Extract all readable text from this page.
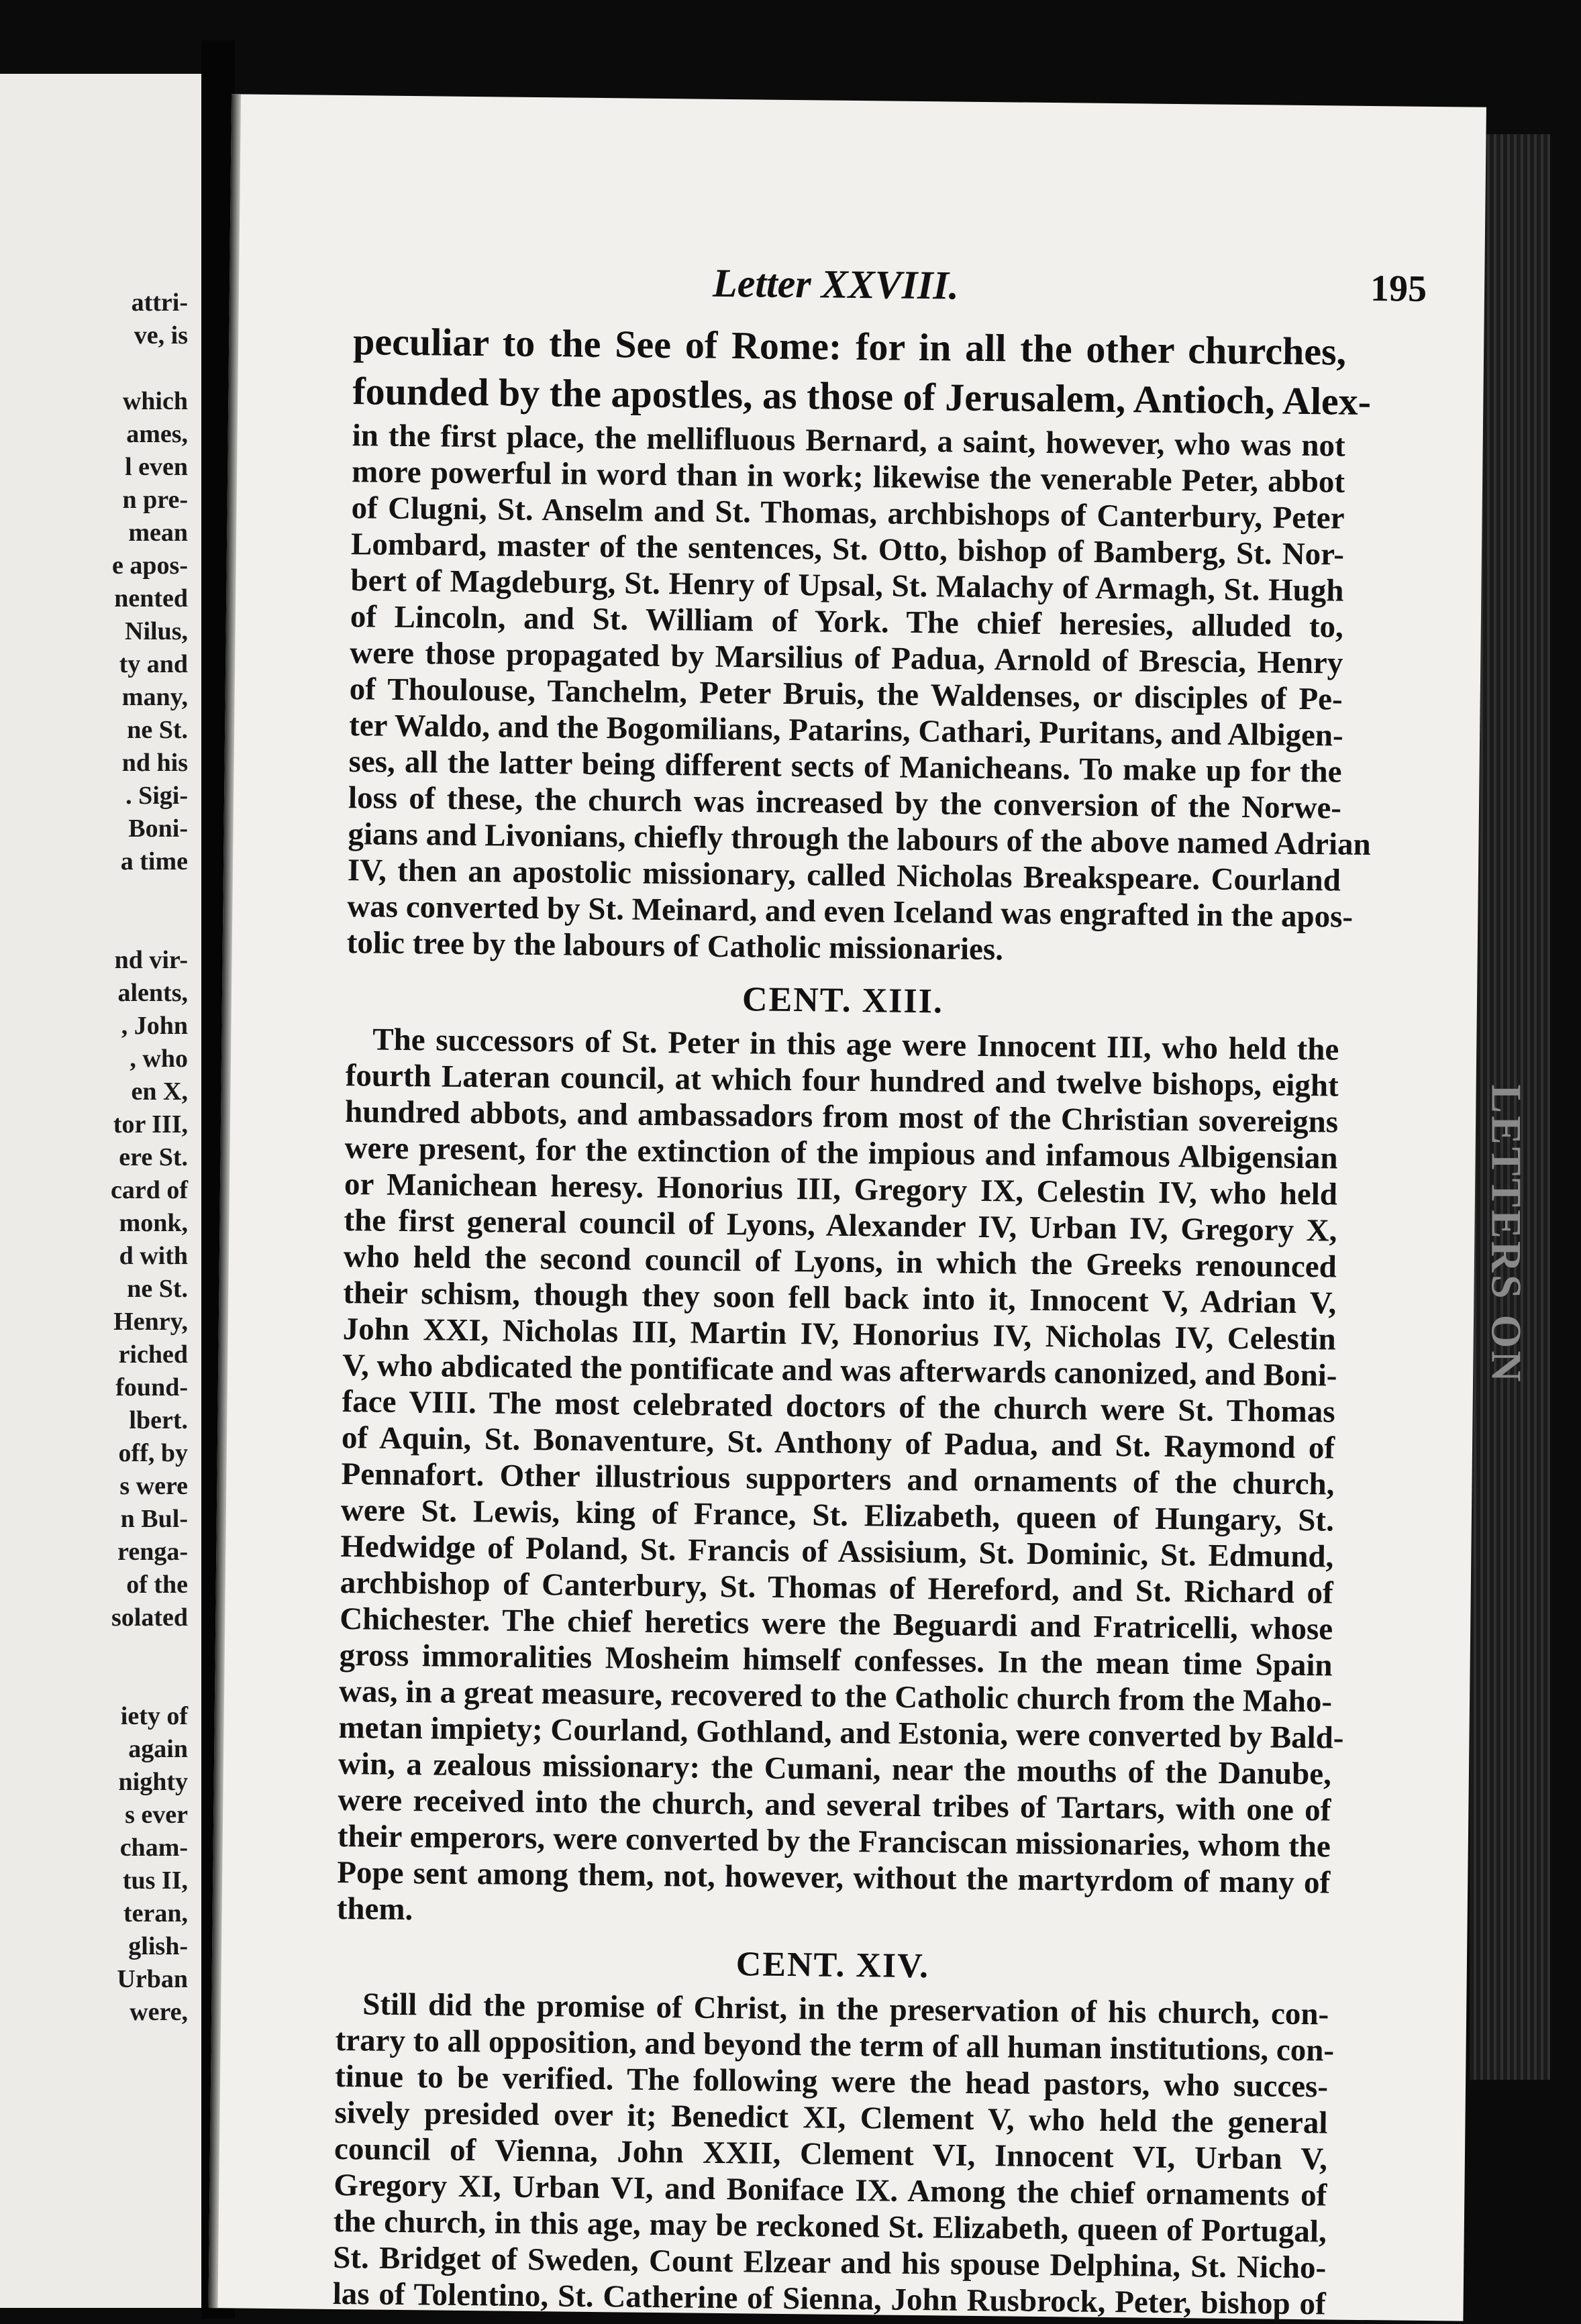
attri-
ve, is
which
ames,
l even
n pre-
mean
e apos-
nented
Nilus,
ty and
many,
ne St.
nd his
. Sigi-
Boni-
a time
nd vir-
alents,
, John
, who
en X,
tor III,
ere St.
card of
monk,
d with
ne St.
Henry,
riched
found-
lbert.
off, by
s were
n Bul-
renga-
of the
solated
iety of
again
nighty
s ever
cham-
tus II,
teran,
glish-
Urban
were,
LETTERS ON
Letter XXVIII.	195
peculiar to the See of Rome: for in all the other churches,
founded by the apostles, as those of Jerusalem, Antioch, Alex-
in the first place, the mellifluous Bernard, a saint, however, who was not
more powerful in word than in work; likewise the venerable Peter, abbot
of Clugni, St. Anselm and St. Thomas, archbishops of Canterbury, Peter
Lombard, master of the sentences, St. Otto, bishop of Bamberg, St. Nor-
bert of Magdeburg, St. Henry of Upsal, St. Malachy of Armagh, St. Hugh
of Lincoln, and St. William of York. The chief heresies, alluded to,
were those propagated by Marsilius of Padua, Arnold of Brescia, Henry
of Thoulouse, Tanchelm, Peter Bruis, the Waldenses, or disciples of Pe-
ter Waldo, and the Bogomilians, Patarins, Cathari, Puritans, and Albigen-
ses, all the latter being different sects of Manicheans. To make up for the
loss of these, the church was increased by the conversion of the Norwe-
gians and Livonians, chiefly through the labours of the above named Adrian
IV, then an apostolic missionary, called Nicholas Breakspeare. Courland
was converted by St. Meinard, and even Iceland was engrafted in the apos-
tolic tree by the labours of Catholic missionaries.
CENT. XIII.
The successors of St. Peter in this age were Innocent III, who held the
fourth Lateran council, at which four hundred and twelve bishops, eight
hundred abbots, and ambassadors from most of the Christian sovereigns
were present, for the extinction of the impious and infamous Albigensian
or Manichean heresy. Honorius III, Gregory IX, Celestin IV, who held
the first general council of Lyons, Alexander IV, Urban IV, Gregory X,
who held the second council of Lyons, in which the Greeks renounced
their schism, though they soon fell back into it, Innocent V, Adrian V,
John XXI, Nicholas III, Martin IV, Honorius IV, Nicholas IV, Celestin
V, who abdicated the pontificate and was afterwards canonized, and Boni-
face VIII. The most celebrated doctors of the church were St. Thomas
of Aquin, St. Bonaventure, St. Anthony of Padua, and St. Raymond of
Pennafort. Other illustrious supporters and ornaments of the church,
were St. Lewis, king of France, St. Elizabeth, queen of Hungary, St.
Hedwidge of Poland, St. Francis of Assisium, St. Dominic, St. Edmund,
archbishop of Canterbury, St. Thomas of Hereford, and St. Richard of
Chichester. The chief heretics were the Beguardi and Fratricelli, whose
gross immoralities Mosheim himself confesses. In the mean time Spain
was, in a great measure, recovered to the Catholic church from the Maho-
metan impiety; Courland, Gothland, and Estonia, were converted by Bald-
win, a zealous missionary: the Cumani, near the mouths of the Danube,
were received into the church, and several tribes of Tartars, with one of
their emperors, were converted by the Franciscan missionaries, whom the
Pope sent among them, not, however, without the martyrdom of many of
them.
CENT. XIV.
Still did the promise of Christ, in the preservation of his church, con-
trary to all opposition, and beyond the term of all human institutions, con-
tinue to be verified. The following were the head pastors, who succes-
sively presided over it; Benedict XI, Clement V, who held the general
council of Vienna, John XXII, Clement VI, Innocent VI, Urban V,
Gregory XI, Urban VI, and Boniface IX. Among the chief ornaments of
the church, in this age, may be reckoned St. Elizabeth, queen of Portugal,
St. Bridget of Sweden, Count Elzear and his spouse Delphina, St. Nicho-
las of Tolentino, St. Catherine of Sienna, John Rusbrock, Peter, bishop of
